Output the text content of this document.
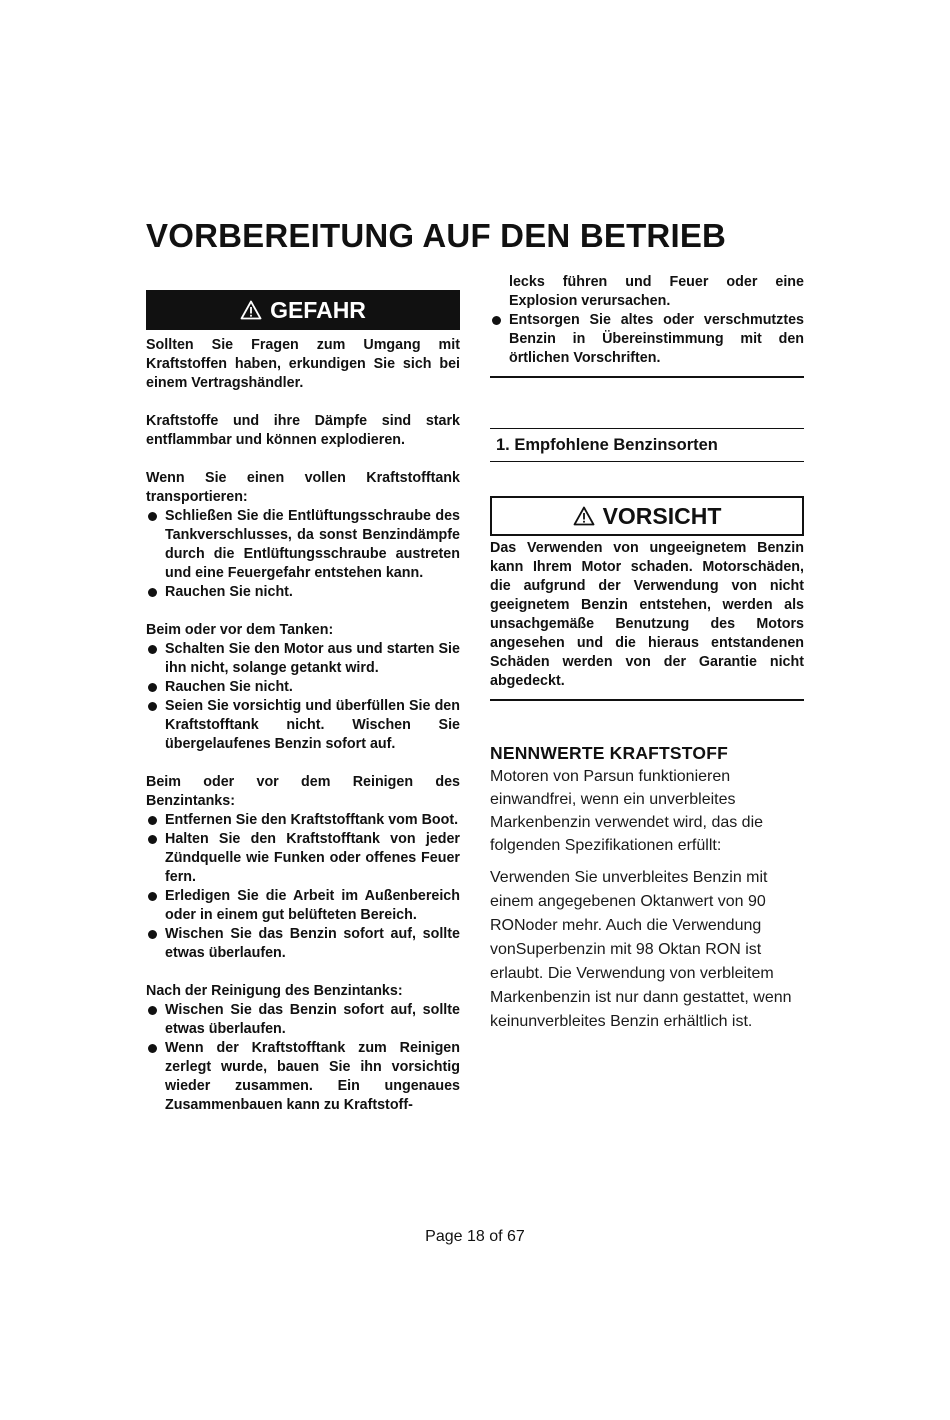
VORBEREITUNG AUF DEN BETRIEB
GEFAHR

Sollten Sie Fragen zum Umgang mit Kraftstoffen haben, erkundigen Sie sich bei einem Vertragshändler.

Kraftstoffe und ihre Dämpfe sind stark entflammbar und können explodieren.

Wenn Sie einen vollen Kraftstofftank transportieren:

Schließen Sie die Entlüftungsschraube des Tankverschlusses, da sonst Benzindämpfe durch die Entlüftungsschraube austreten und eine Feuergefahr entstehen kann.
Rauchen Sie nicht.

Beim oder vor dem Tanken:

Schalten Sie den Motor aus und starten Sie ihn nicht, solange getankt wird.
Rauchen Sie nicht.
Seien Sie vorsichtig und überfüllen Sie den Kraftstofftank nicht. Wischen Sie übergelaufenes Benzin sofort auf.

Beim oder vor dem Reinigen des Benzintanks:

Entfernen Sie den Kraftstofftank vom Boot.
Halten Sie den Kraftstofftank von jeder Zündquelle wie Funken oder offenes Feuer fern.
Erledigen Sie die Arbeit im Außenbereich oder in einem gut belüfteten Bereich.
Wischen Sie das Benzin sofort auf, sollte etwas überlaufen.

Nach der Reinigung des Benzintanks:

Wischen Sie das Benzin sofort auf, sollte etwas überlaufen.
Wenn der Kraftstofftank zum Reinigen zerlegt wurde, bauen Sie ihn vorsichtig wieder zusammen. Ein ungenaues Zusammenbauen kann zu Kraftstoff-

lecks führen und Feuer oder eine Explosion verursachen.

Entsorgen Sie altes oder verschmutztes Benzin in Übereinstimmung mit den örtlichen Vorschriften.

1. Empfohlene Benzinsorten

VORSICHT

Das Verwenden von ungeeignetem Benzin kann Ihrem Motor schaden. Motorschäden, die aufgrund der Verwendung von nicht geeignetem Benzin entstehen, werden als unsachgemäße Benutzung des Motors angesehen und die hieraus entstandenen Schäden werden von der Garantie nicht abgedeckt.

NENNWERTE KRAFTSTOFF

Motoren von Parsun funktionieren einwandfrei, wenn ein unverbleites Markenbenzin verwendet wird, das die folgenden Spezifikationen erfüllt:

Verwenden Sie unverbleites Benzin mit einem angegebenen Oktanwert von 90 RONoder mehr. Auch die Verwendung vonSuperbenzin mit 98 Oktan RON ist erlaubt. Die Verwendung von verbleitem Markenbenzin ist nur dann gestattet, wenn keinunverbleites Benzin erhältlich ist.

Page 18 of 67
